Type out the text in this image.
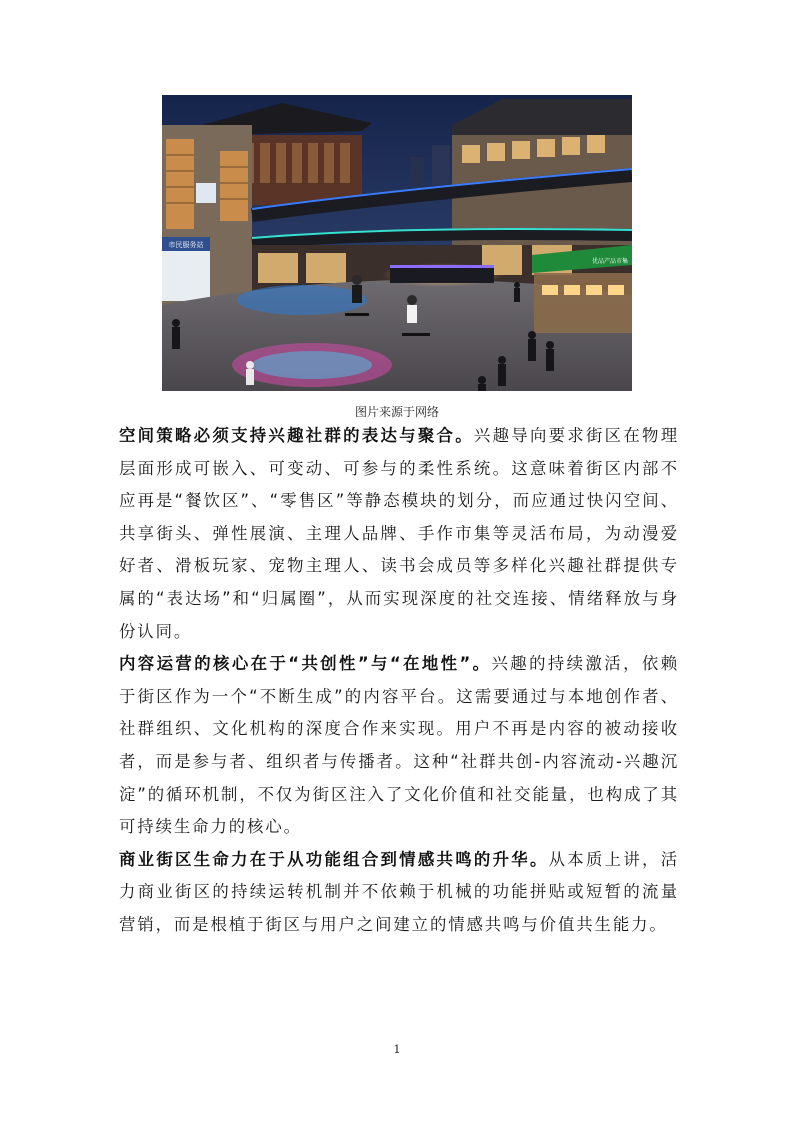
市民服务站
优品产品市集
图片来源于网络

空间策略必须支持兴趣社群的表达与聚合。兴趣导向要求街区在物理层面形成可嵌入、可变动、可参与的柔性系统。这意味着街区内部不应再是“餐饮区”、“零售区”等静态模块的划分，而应通过快闪空间、共享街头、弹性展演、主理人品牌、手作市集等灵活布局，为动漫爱好者、滑板玩家、宠物主理人、读书会成员等多样化兴趣社群提供专属的“表达场”和“归属圈”，从而实现深度的社交连接、情绪释放与身份认同。

内容运营的核心在于“共创性”与“在地性”。兴趣的持续激活，依赖于街区作为一个“不断生成”的内容平台。这需要通过与本地创作者、社群组织、文化机构的深度合作来实现。用户不再是内容的被动接收者，而是参与者、组织者与传播者。这种“社群共创-内容流动-兴趣沉淀”的循环机制，不仅为街区注入了文化价值和社交能量，也构成了其可持续生命力的核心。

商业街区生命力在于从功能组合到情感共鸣的升华。从本质上讲，活力商业街区的持续运转机制并不依赖于机械的功能拼贴或短暂的流量营销，而是根植于街区与用户之间建立的情感共鸣与价值共生能力。

1
